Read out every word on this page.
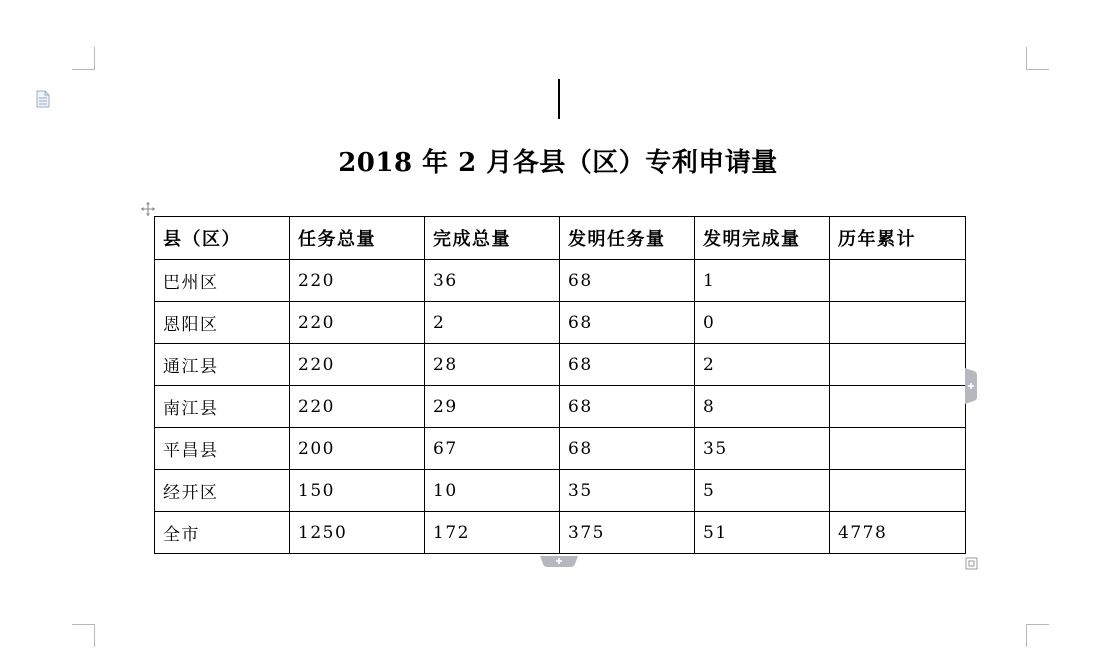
2018 年 2 月各县（区）专利申请量
县（区）	任务总量	完成总量	发明任务量	发明完成量	历年累计
巴州区	220	36	68	1	
恩阳区	220	2	68	0	
通江县	220	28	68	2	
南江县	220	29	68	8	
平昌县	200	67	68	35	
经开区	150	10	35	5	
全市	1250	172	375	51	4778
